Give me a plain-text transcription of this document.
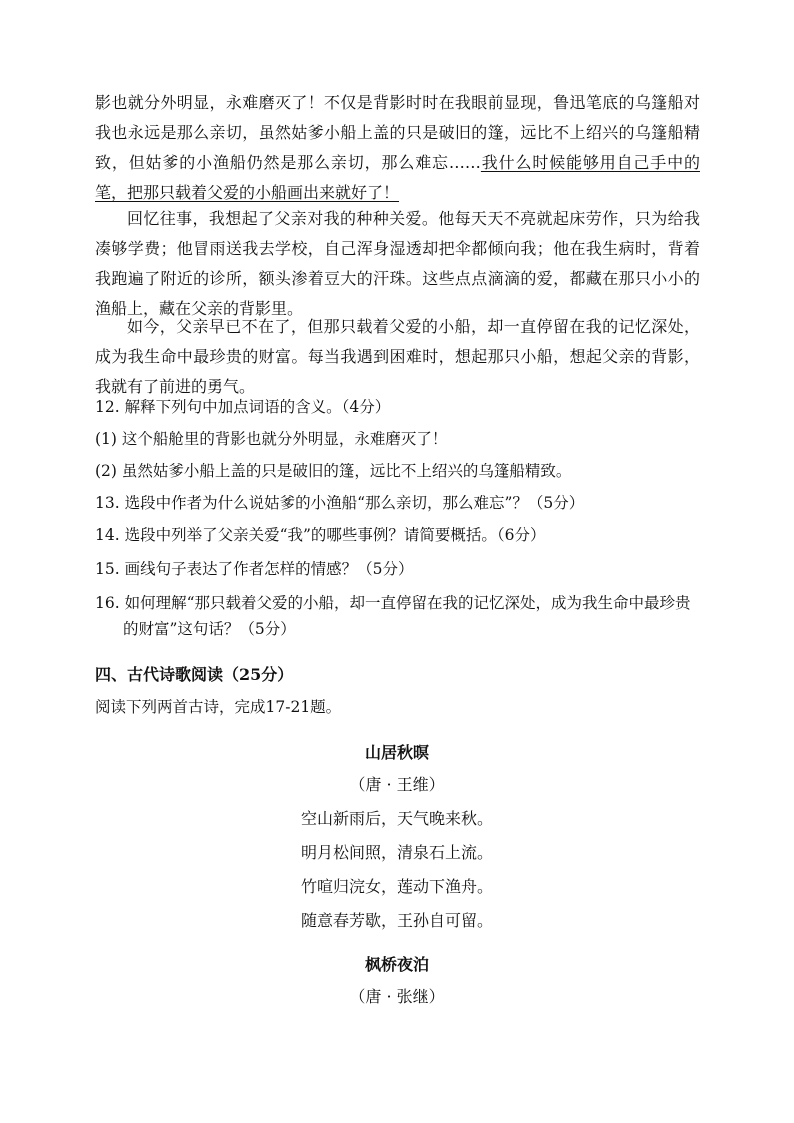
影也就分外明显，永难磨灭了！不仅是背影时时在我眼前显现，鲁迅笔底的乌篷船对我也永远是那么亲切，虽然姑爹小船上盖的只是破旧的篷，远比不上绍兴的乌篷船精致，但姑爹的小渔船仍然是那么亲切，那么难忘……我什么时候能够用自己手中的笔，把那只载着父爱的小船画出来就好了！

回忆往事，我想起了父亲对我的种种关爱。他每天天不亮就起床劳作，只为给我凑够学费；他冒雨送我去学校，自己浑身湿透却把伞都倾向我；他在我生病时，背着我跑遍了附近的诊所，额头渗着豆大的汗珠。这些点点滴滴的爱，都藏在那只小小的渔船上，藏在父亲的背影里。

如今，父亲早已不在了，但那只载着父爱的小船，却一直停留在我的记忆深处，成为我生命中最珍贵的财富。每当我遇到困难时，想起那只小船，想起父亲的背影，我就有了前进的勇气。

12. 解释下列句中加点词语的含义。（4分）

(1) 这个船舱里的背影也就分外明显，永难磨灭了！

(2) 虽然姑爹小船上盖的只是破旧的篷，远比不上绍兴的乌篷船精致。

13. 选段中作者为什么说姑爹的小渔船“那么亲切，那么难忘”？（5分）

14. 选段中列举了父亲关爱“我”的哪些事例？请简要概括。（6分）

15. 画线句子表达了作者怎样的情感？（5分）

16. 如何理解“那只载着父爱的小船，却一直停留在我的记忆深处，成为我生命中最珍贵的财富”这句话？（5分）

四、古代诗歌阅读（25分）

阅读下列两首古诗，完成17-21题。

山居秋暝

（唐 · 王维）

空山新雨后，天气晚来秋。

明月松间照，清泉石上流。

竹喧归浣女，莲动下渔舟。

随意春芳歇，王孙自可留。

枫桥夜泊

（唐 · 张继）
